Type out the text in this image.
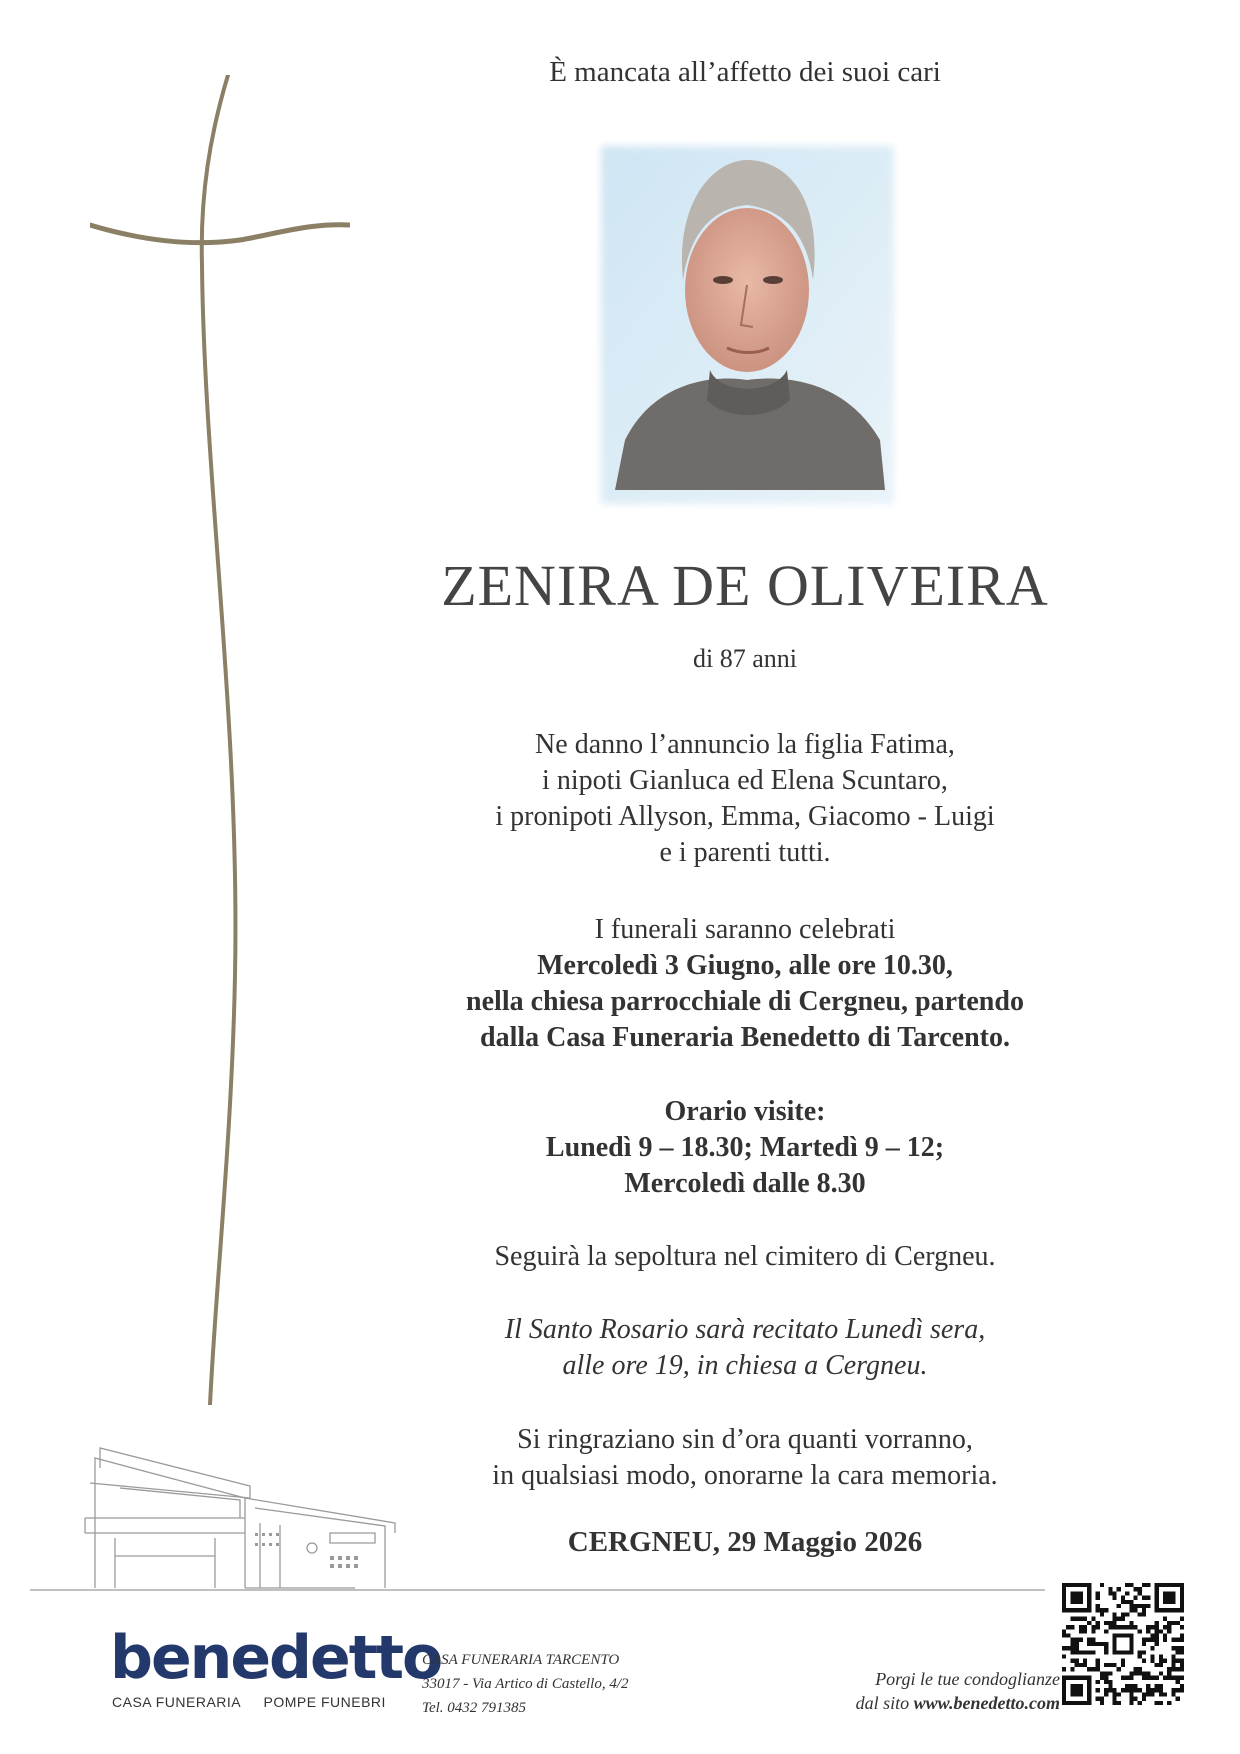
È mancata all’affetto dei suoi cari
ZENIRA DE OLIVEIRA
di 87 anni
Ne danno l’annuncio la figlia Fatima,
i nipoti Gianluca ed Elena Scuntaro,
i pronipoti Allyson, Emma, Giacomo - Luigi
e i parenti tutti.
I funerali saranno celebrati
Mercoledì 3 Giugno, alle ore 10.30,
nella chiesa parrocchiale di Cergneu, partendo
dalla Casa Funeraria Benedetto di Tarcento.
Orario visite:
Lunedì 9 – 18.30; Martedì 9 – 12;
Mercoledì dalle 8.30
Seguirà la sepoltura nel cimitero di Cergneu.
Il Santo Rosario sarà recitato Lunedì sera,
alle ore 19, in chiesa a Cergneu.
Si ringraziano sin d’ora quanti vorranno,
in qualsiasi modo, onorarne la cara memoria.
CERGNEU, 29 Maggio 2026
benedetto
CASA FUNERARIA POMPE FUNEBRI
CASA FUNERARIA TARCENTO
33017 - Via Artico di Castello, 4/2
Tel. 0432 791385
Porgi le tue condoglianze
dal sito www.benedetto.com
